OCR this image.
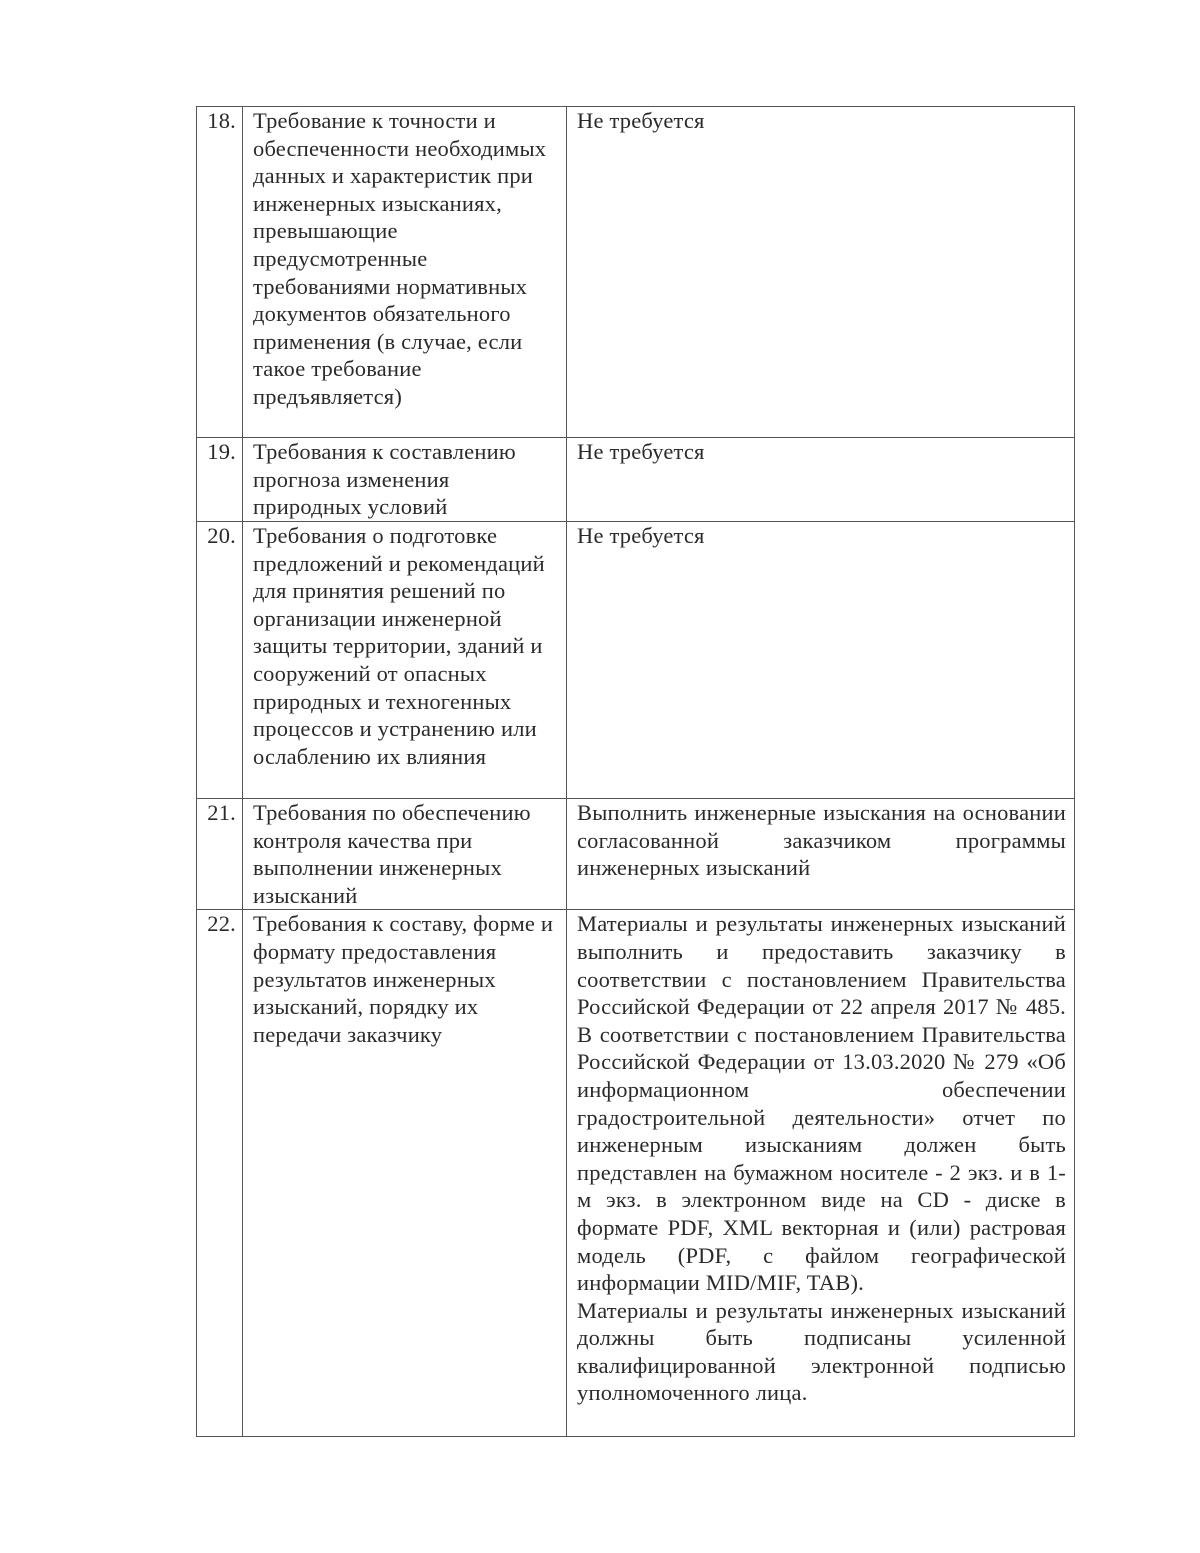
18.	Требование к точности и обеспеченности необходимых данных и характеристик при инженерных изысканиях, превышающие предусмотренные требованиями нормативных документов обязательного применения (в случае, если такое требование предъявляется)	Не требуется
19.	Требования к составлению прогноза изменения природных условий	Не требуется
20.	Требования о подготовке предложений и рекомендаций для принятия решений по организации инженерной защиты территории, зданий и сооружений от опасных природных и техногенных процессов и устранению или ослаблению их влияния	Не требуется
21.	Требования по обеспечению контроля качества при выполнении инженерных изысканий	Выполнить инженерные изыскания на основании согласованной заказчиком программы инженерных изысканий
22.	Требования к составу, форме и формату предоставления результатов инженерных изысканий, порядку их передачи заказчику	Материалы и результаты инженерных изысканий выполнить и предоставить заказчику в соответствии с постановлением Правительства Российской Федерации от 22 апреля 2017 № 485. В соответствии с постановлением Правительства Российской Федерации от 13.03.2020 № 279 «Об информационном обеспечении градостроительной деятельности» отчет по инженерным изысканиям должен быть представлен на бумажном носителе - 2 экз. и в 1-м экз. в электронном виде на CD - диске в формате PDF, XML векторная и (или) растровая модель (PDF, с файлом географической информации MID/MIF, TAB).

Материалы и результаты инженерных изысканий должны быть подписаны усиленной квалифицированной электронной подписью уполномоченного лица.
